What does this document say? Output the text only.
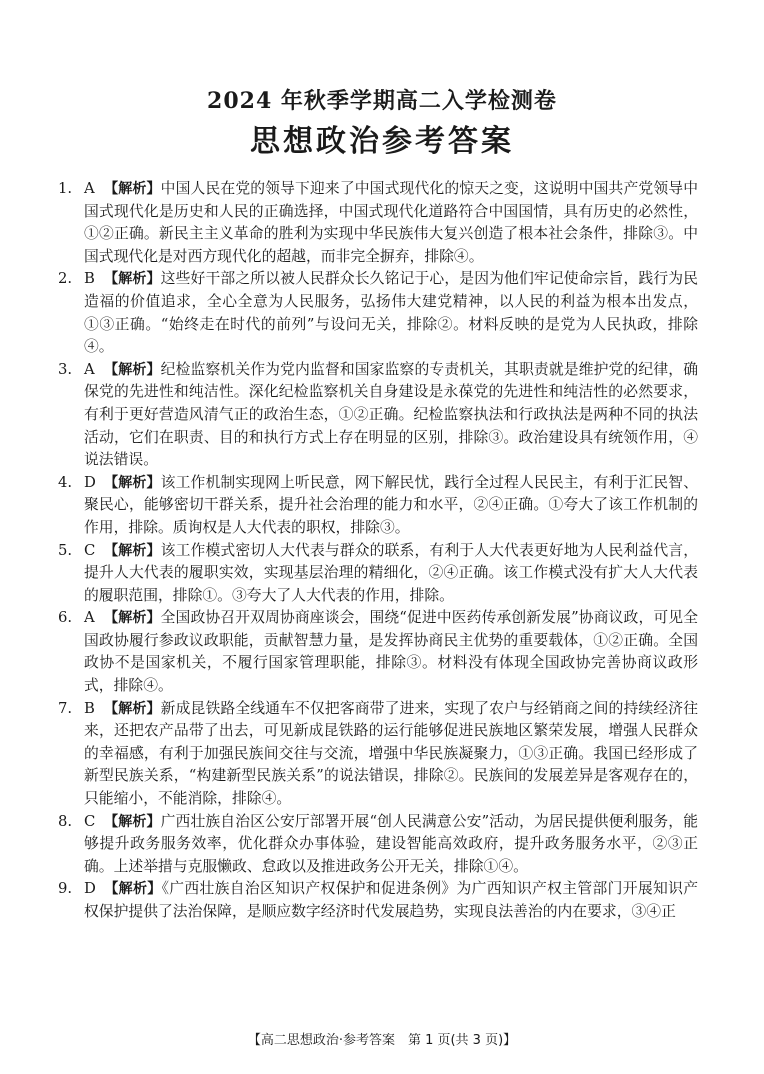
2024 年秋季学期高二入学检测卷
思想政治参考答案
1. A 【解析】中国人民在党的领导下迎来了中国式现代化的惊天之变，这说明中国共产党领导中国式现代化是历史和人民的正确选择，中国式现代化道路符合中国国情，具有历史的必然性，①②正确。新民主主义革命的胜利为实现中华民族伟大复兴创造了根本社会条件，排除③。中国式现代化是对西方现代化的超越，而非完全摒弃，排除④。
2. B 【解析】这些好干部之所以被人民群众长久铭记于心，是因为他们牢记使命宗旨，践行为民造福的价值追求，全心全意为人民服务，弘扬伟大建党精神，以人民的利益为根本出发点，①③正确。“始终走在时代的前列”与设问无关，排除②。材料反映的是党为人民执政，排除④。
3. A 【解析】纪检监察机关作为党内监督和国家监察的专责机关，其职责就是维护党的纪律，确保党的先进性和纯洁性。深化纪检监察机关自身建设是永葆党的先进性和纯洁性的必然要求，有利于更好营造风清气正的政治生态，①②正确。纪检监察执法和行政执法是两种不同的执法活动，它们在职责、目的和执行方式上存在明显的区别，排除③。政治建设具有统领作用，④说法错误。
4. D 【解析】该工作机制实现网上听民意，网下解民忧，践行全过程人民民主，有利于汇民智、聚民心，能够密切干群关系，提升社会治理的能力和水平，②④正确。①夸大了该工作机制的作用，排除。质询权是人大代表的职权，排除③。
5. C 【解析】该工作模式密切人大代表与群众的联系，有利于人大代表更好地为人民利益代言，提升人大代表的履职实效，实现基层治理的精细化，②④正确。该工作模式没有扩大人大代表的履职范围，排除①。③夸大了人大代表的作用，排除。
6. A 【解析】全国政协召开双周协商座谈会，围绕“促进中医药传承创新发展”协商议政，可见全国政协履行参政议政职能，贡献智慧力量，是发挥协商民主优势的重要载体，①②正确。全国政协不是国家机关，不履行国家管理职能，排除③。材料没有体现全国政协完善协商议政形式，排除④。
7. B 【解析】新成昆铁路全线通车不仅把客商带了进来，实现了农户与经销商之间的持续经济往来，还把农产品带了出去，可见新成昆铁路的运行能够促进民族地区繁荣发展，增强人民群众的幸福感，有利于加强民族间交往与交流，增强中华民族凝聚力，①③正确。我国已经形成了新型民族关系，“构建新型民族关系”的说法错误，排除②。民族间的发展差异是客观存在的，只能缩小，不能消除，排除④。
8. C 【解析】广西壮族自治区公安厅部署开展“创人民满意公安”活动，为居民提供便利服务，能够提升政务服务效率，优化群众办事体验，建设智能高效政府，提升政务服务水平，②③正确。上述举措与克服懒政、怠政以及推进政务公开无关，排除①④。
9. D 【解析】《广西壮族自治区知识产权保护和促进条例》为广西知识产权主管部门开展知识产权保护提供了法治保障，是顺应数字经济时代发展趋势，实现良法善治的内在要求，③④正
【高二思想政治·参考答案　第 1 页(共 3 页)】
